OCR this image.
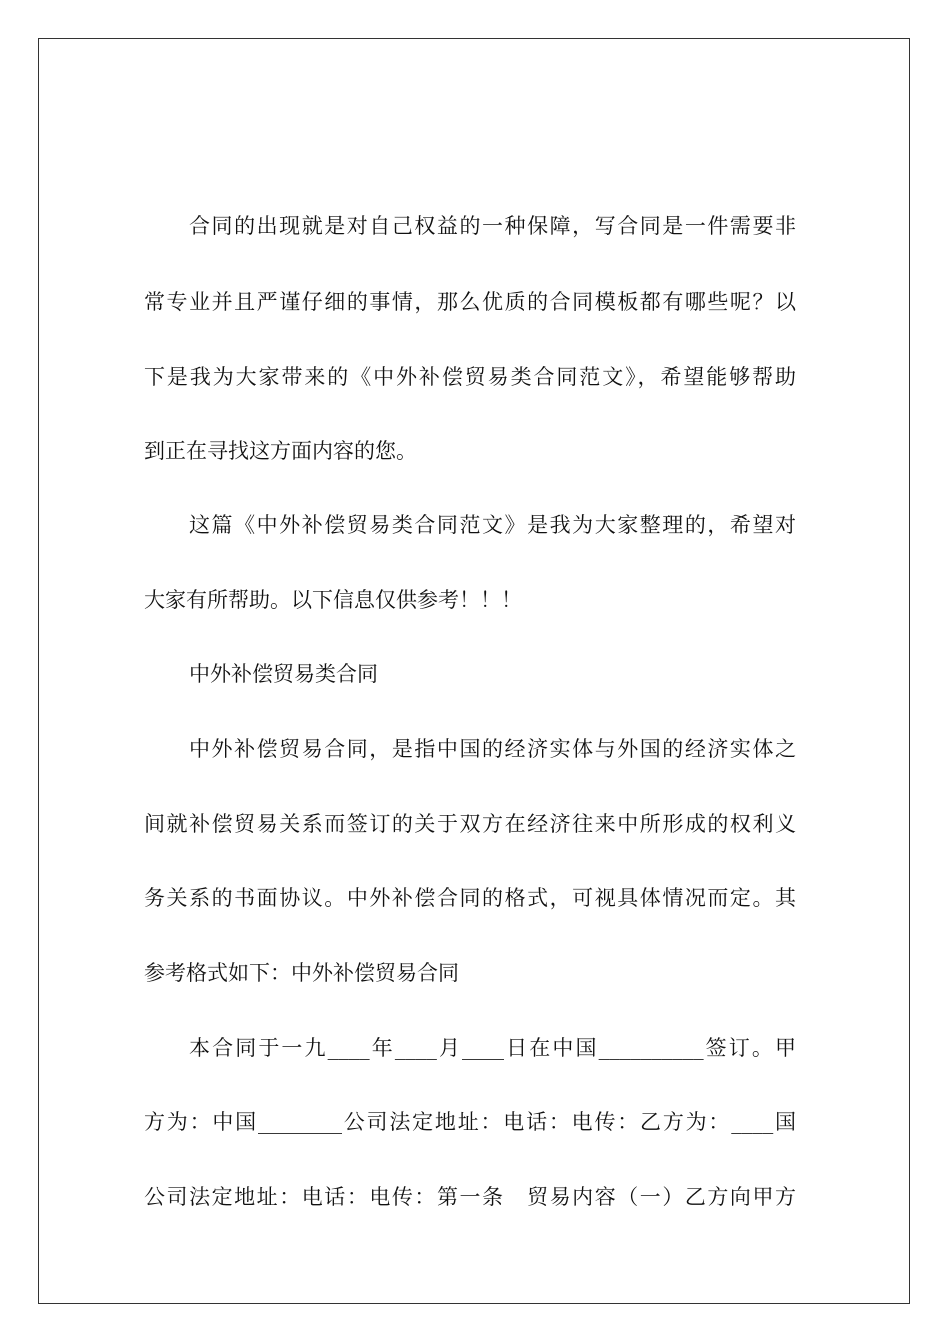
合同的出现就是对自己权益的一种保障，写合同是一件需要非
常专业并且严谨仔细的事情，那么优质的合同模板都有哪些呢？以
下是我为大家带来的《中外补偿贸易类合同范文》，希望能够帮助
到正在寻找这方面内容的您。
这篇《中外补偿贸易类合同范文》是我为大家整理的，希望对
大家有所帮助。以下信息仅供参考！！！
中外补偿贸易类合同
中外补偿贸易合同，是指中国的经济实体与外国的经济实体之
间就补偿贸易关系而签订的关于双方在经济往来中所形成的权利义
务关系的书面协议。中外补偿合同的格式，可视具体情况而定。其
参考格式如下：中外补偿贸易合同
本合同于一九____年____月____日在中国__________签订。甲
方为：中国________公司法定地址：电话：电传：乙方为：____国
公司法定地址：电话：电传：第一条　贸易内容（一）乙方向甲方
